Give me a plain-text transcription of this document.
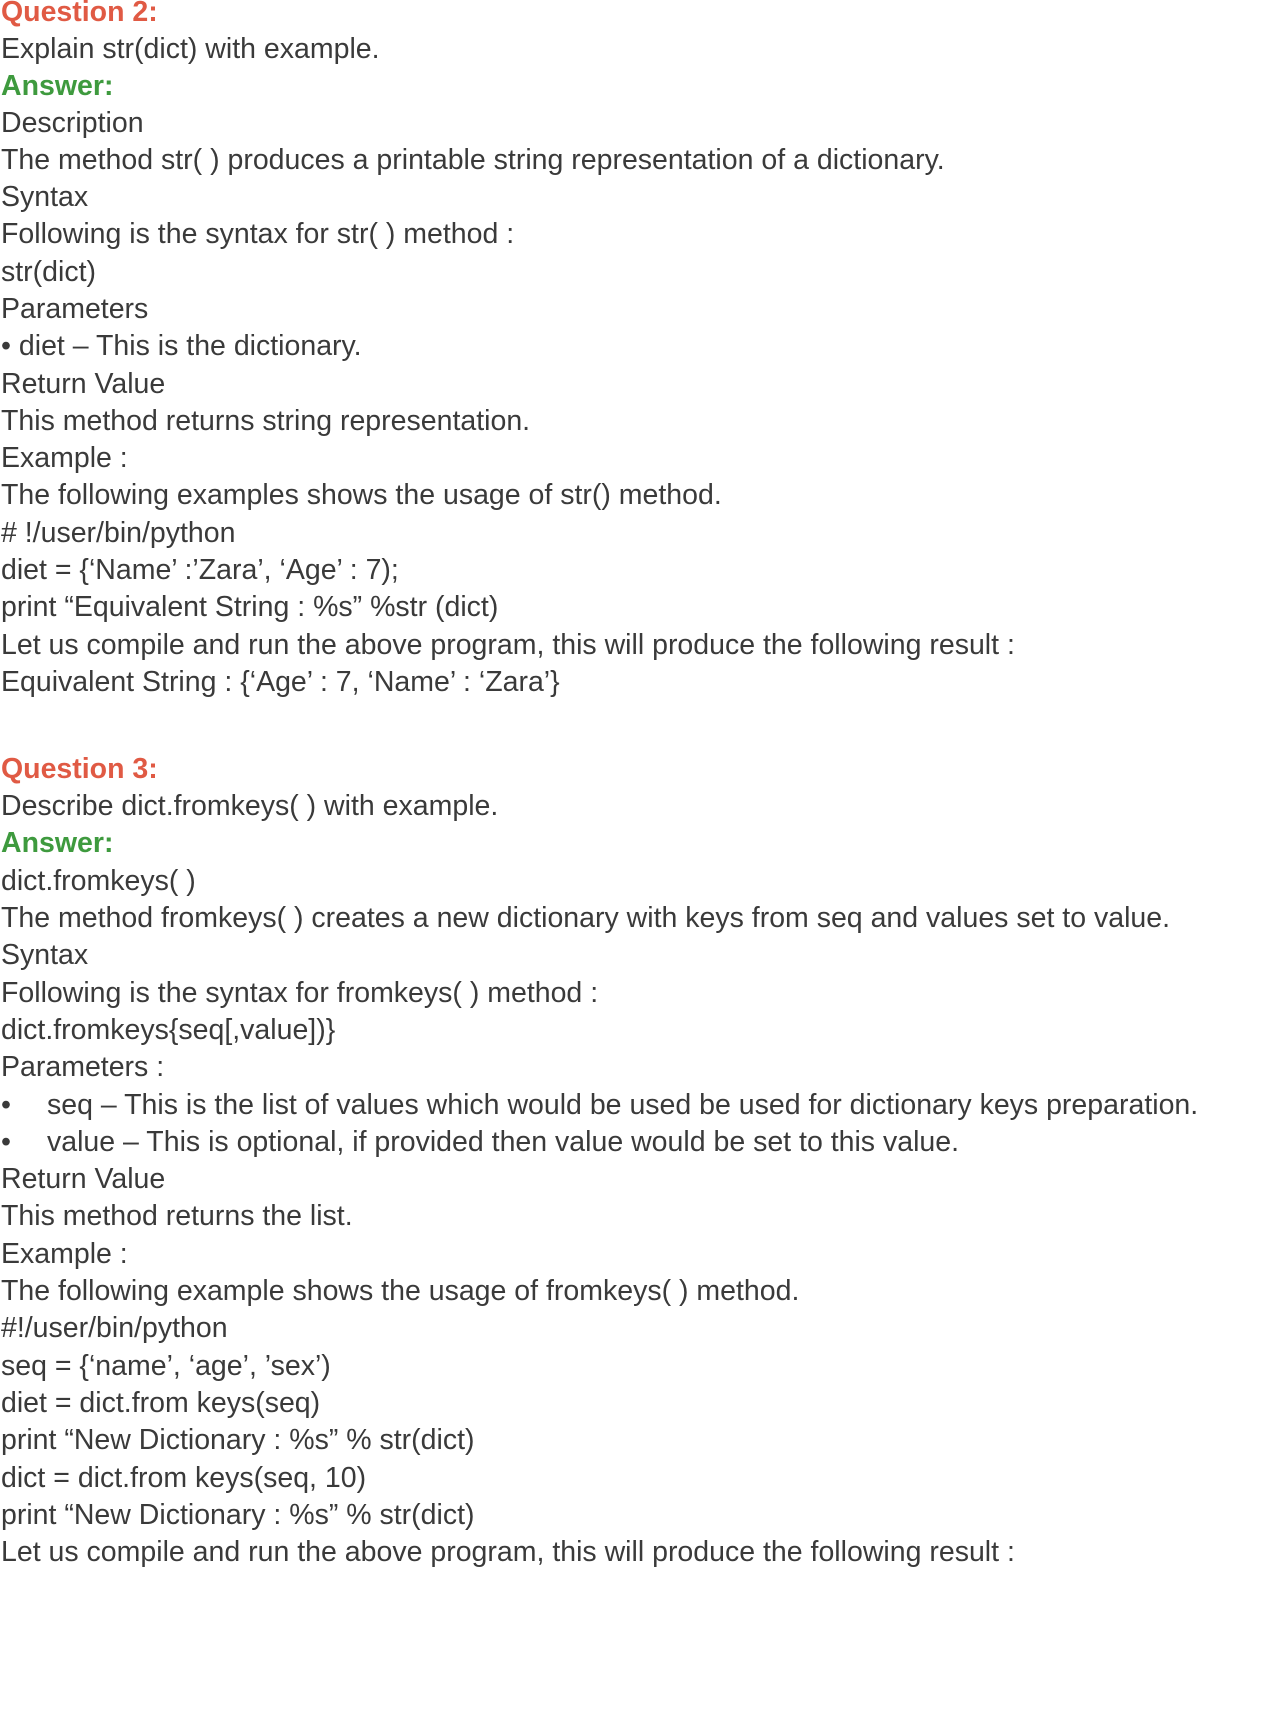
Question 2:
Explain str(dict) with example.
Answer:
Description
The method str( ) produces a printable string representation of a dictionary.
Syntax
Following is the syntax for str( ) method :
str(dict)
Parameters
• diet – This is the dictionary.
Return Value
This method returns string representation.
Example :
The following examples shows the usage of str() method.
# !/user/bin/python
diet = {‘Name’ :’Zara’, ‘Age’ : 7);
print “Equivalent String : %s” %str (dict)
Let us compile and run the above program, this will produce the following result :
Equivalent String : {‘Age’ : 7, ‘Name’ : ‘Zara’}
Question 3:
Describe dict.fromkeys( ) with example.
Answer:
dict.fromkeys( )
The method fromkeys( ) creates a new dictionary with keys from seq and values set to value.
Syntax
Following is the syntax for fromkeys( ) method :
dict.fromkeys{seq[,value])}
Parameters :
• seq – This is the list of values which would be used be used for dictionary keys preparation.
• value – This is optional, if provided then value would be set to this value.
Return Value
This method returns the list.
Example :
The following example shows the usage of fromkeys( ) method.
#!/user/bin/python
seq = {‘name’, ‘age’, ’sex’)
diet = dict.from keys(seq)
print “New Dictionary : %s” % str(dict)
dict = dict.from keys(seq, 10)
print “New Dictionary : %s” % str(dict)
Let us compile and run the above program, this will produce the following result :
